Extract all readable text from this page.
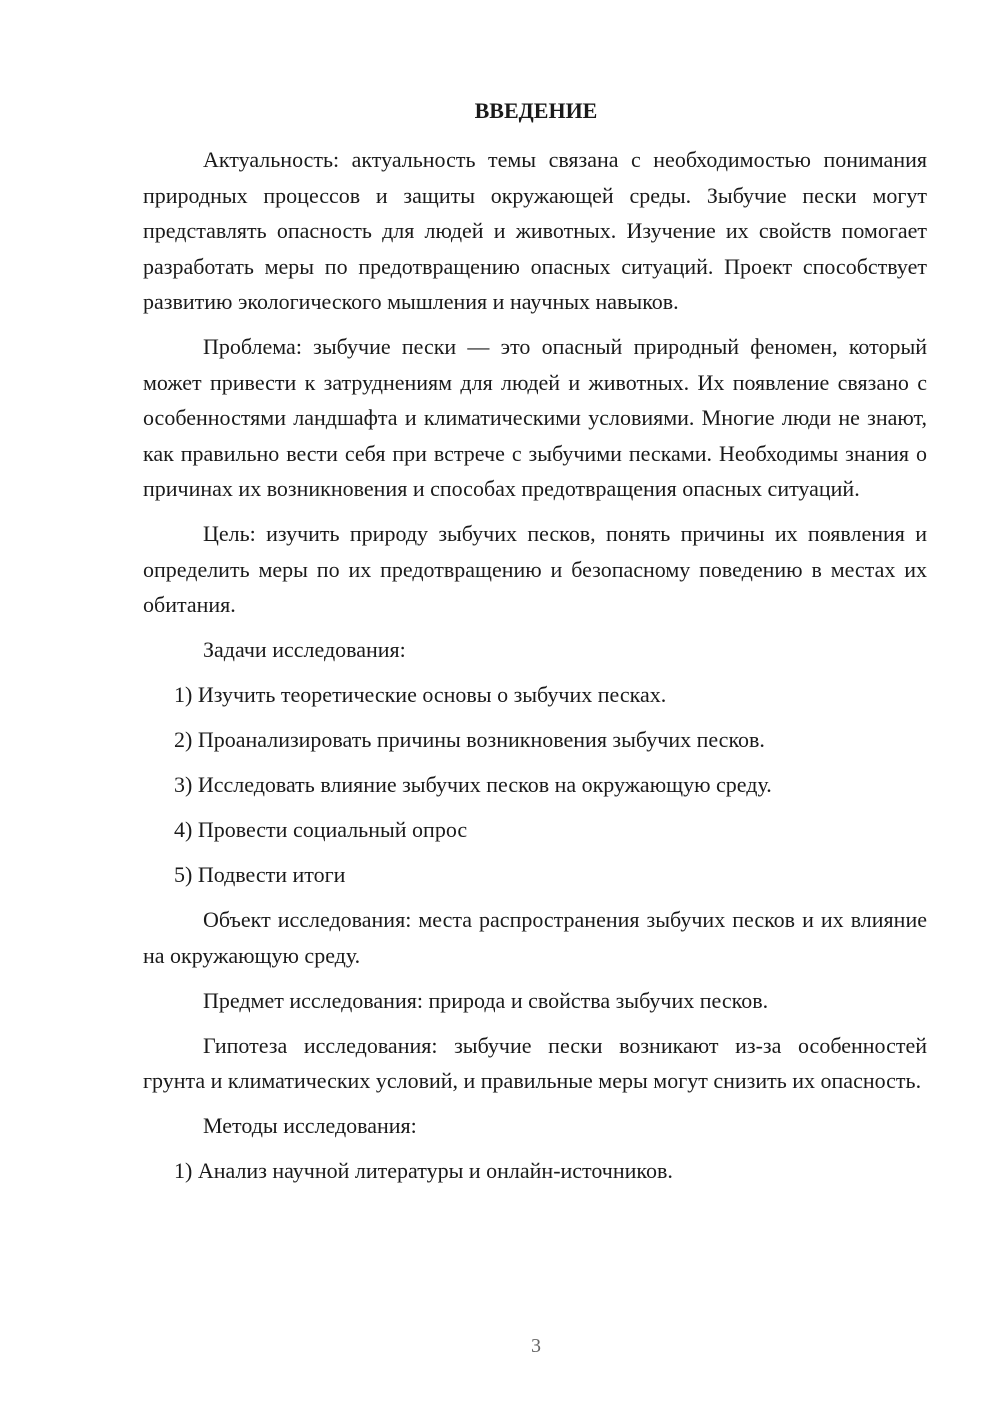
ВВЕДЕНИЕ

Актуальность: актуальность темы связана с необходимостью понимания природных процессов и защиты окружающей среды. Зыбучие пески могут представлять опасность для людей и животных. Изучение их свойств помогает разработать меры по предотвращению опасных ситуаций. Проект способствует развитию экологического мышления и научных навыков.

Проблема: зыбучие пески — это опасный природный феномен, который может привести к затруднениям для людей и животных. Их появление связано с особенностями ландшафта и климатическими условиями. Многие люди не знают, как правильно вести себя при встрече с зыбучими песками. Необходимы знания о причинах их возникновения и способах предотвращения опасных ситуаций.

Цель: изучить природу зыбучих песков, понять причины их появления и определить меры по их предотвращению и безопасному поведению в местах их обитания.

Задачи исследования:

1) Изучить теоретические основы о зыбучих песках.

2) Проанализировать причины возникновения зыбучих песков.

3) Исследовать влияние зыбучих песков на окружающую среду.

4) Провести социальный опрос

5) Подвести итоги

Объект исследования: места распространения зыбучих песков и их влияние на окружающую среду.

Предмет исследования: природа и свойства зыбучих песков.

Гипотеза исследования: зыбучие пески возникают из-за особенностей грунта и климатических условий, и правильные меры могут снизить их опасность.

Методы исследования:

1) Анализ научной литературы и онлайн-источников.

3
